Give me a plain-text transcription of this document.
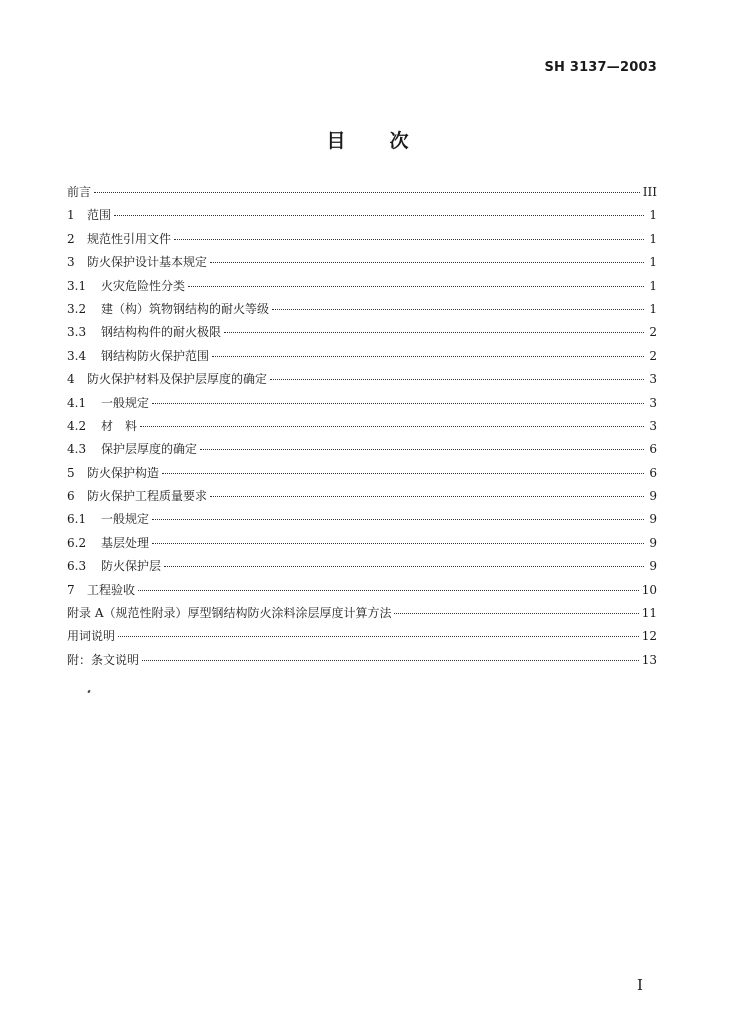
SH 3137—2003
目 次
前言	III
1	范围	1
2	规范性引用文件	1
3	防火保护设计基本规定	1
3.1	火灾危险性分类	1
3.2	建（构）筑物钢结构的耐火等级	1
3.3	钢结构构件的耐火极限	2
3.4	钢结构防火保护范围	2
4	防火保护材料及保护层厚度的确定	3
4.1	一般规定	3
4.2	材　料	3
4.3	保护层厚度的确定	6
5	防火保护构造	6
6	防火保护工程质量要求	9
6.1	一般规定	9
6.2	基层处理	9
6.3	防火保护层	9
7	工程验收	10
附录 A（规范性附录）厚型钢结构防火涂料涂层厚度计算方法	11
用词说明	12
附：条文说明	13
I
